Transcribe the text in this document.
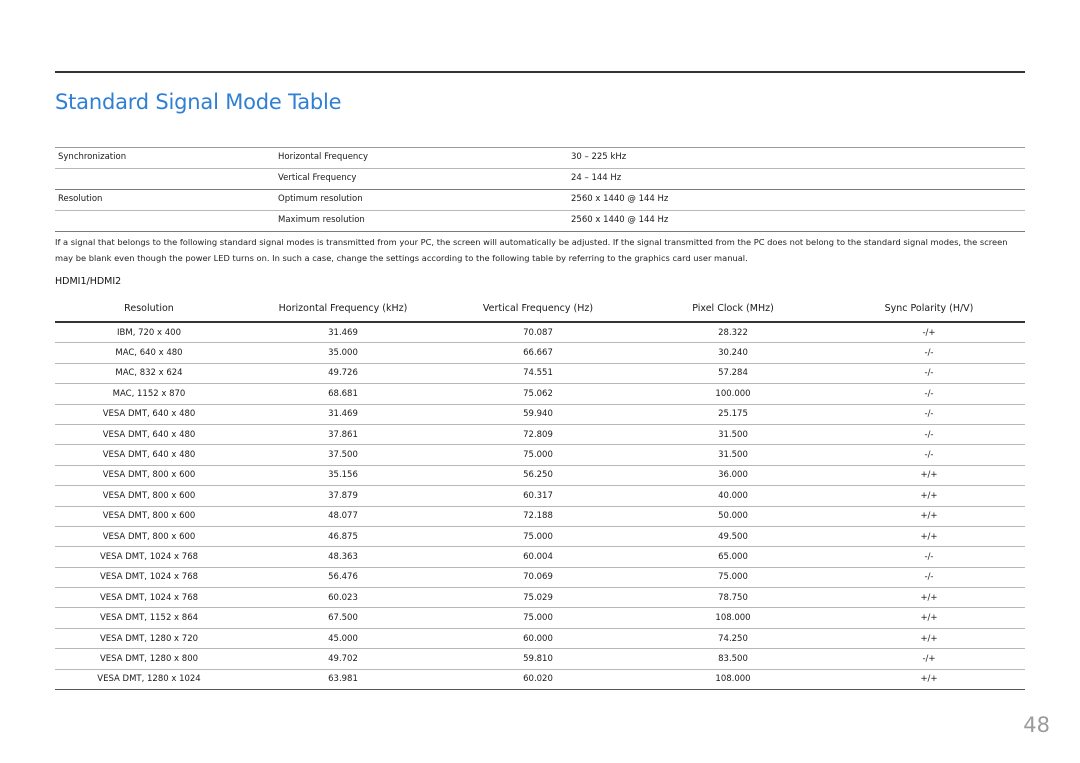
Standard Signal Mode Table
Synchronization	Horizontal Frequency	30 – 225 kHz
Vertical Frequency	24 – 144 Hz
Resolution	Optimum resolution	2560 x 1440 @ 144 Hz
Maximum resolution	2560 x 1440 @ 144 Hz
If a signal that belongs to the following standard signal modes is transmitted from your PC, the screen will automatically be adjusted. If the signal transmitted from the PC does not belong to the standard signal modes, the screen may be blank even though the power LED turns on. In such a case, change the settings according to the following table by referring to the graphics card user manual.
HDMI1/HDMI2
Resolution	Horizontal Frequency (kHz)	Vertical Frequency (Hz)	Pixel Clock (MHz)	Sync Polarity (H/V)
IBM, 720 x 400	31.469	70.087	28.322	-/+
MAC, 640 x 480	35.000	66.667	30.240	-/-
MAC, 832 x 624	49.726	74.551	57.284	-/-
MAC, 1152 x 870	68.681	75.062	100.000	-/-
VESA DMT, 640 x 480	31.469	59.940	25.175	-/-
VESA DMT, 640 x 480	37.861	72.809	31.500	-/-
VESA DMT, 640 x 480	37.500	75.000	31.500	-/-
VESA DMT, 800 x 600	35.156	56.250	36.000	+/+
VESA DMT, 800 x 600	37.879	60.317	40.000	+/+
VESA DMT, 800 x 600	48.077	72.188	50.000	+/+
VESA DMT, 800 x 600	46.875	75.000	49.500	+/+
VESA DMT, 1024 x 768	48.363	60.004	65.000	-/-
VESA DMT, 1024 x 768	56.476	70.069	75.000	-/-
VESA DMT, 1024 x 768	60.023	75.029	78.750	+/+
VESA DMT, 1152 x 864	67.500	75.000	108.000	+/+
VESA DMT, 1280 x 720	45.000	60.000	74.250	+/+
VESA DMT, 1280 x 800	49.702	59.810	83.500	-/+
VESA DMT, 1280 x 1024	63.981	60.020	108.000	+/+
48
